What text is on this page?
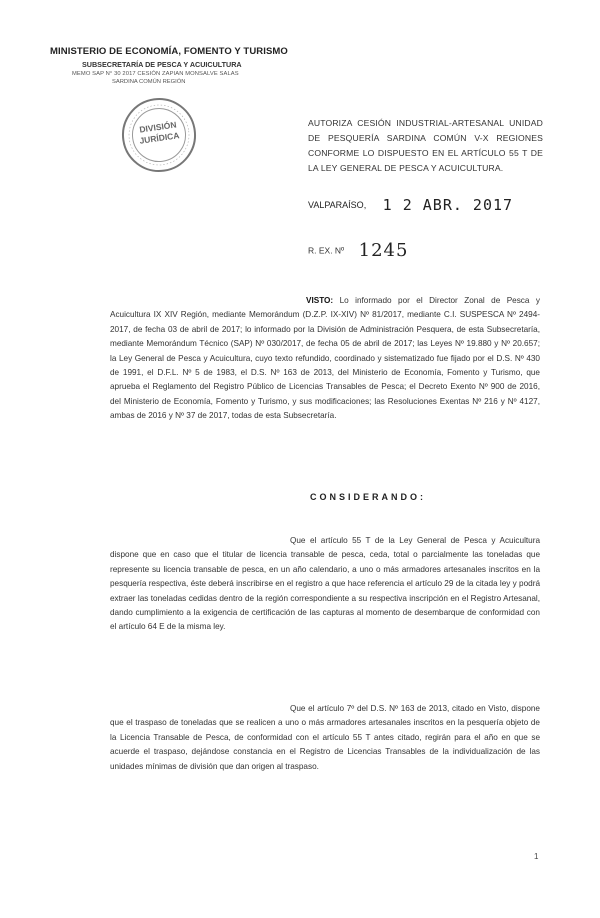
MINISTERIO DE ECONOMÍA, FOMENTO Y TURISMO
SUBSECRETARÍA DE PESCA Y ACUICULTURA
MEMO SAP N° 30 2017 CESIÓN ZAPIAN MONSALVE SALAS
SARDINA COMÚN REGIÓN
DIVISIÓN
JURÍDICA
AUTORIZA CESIÓN INDUSTRIAL-ARTESANAL UNIDAD DE PESQUERÍA SARDINA COMÚN V-X REGIONES CONFORME LO DISPUESTO EN EL ARTÍCULO 55 T DE LA LEY GENERAL DE PESCA Y ACUICULTURA.
VALPARAÍSO, 1 2 ABR. 2017
R. EX. Nº 1245
VISTO: Lo informado por el Director Zonal de Pesca y Acuicultura IX XIV Región, mediante Memorándum (D.Z.P. IX-XIV) Nº 81/2017, mediante C.I. SUSPESCA Nº 2494-2017, de fecha 03 de abril de 2017; lo informado por la División de Administración Pesquera, de esta Subsecretaría, mediante Memorándum Técnico (SAP) Nº 030/2017, de fecha 05 de abril de 2017; las Leyes Nº 19.880 y Nº 20.657; la Ley General de Pesca y Acuicultura, cuyo texto refundido, coordinado y sistematizado fue fijado por el D.S. Nº 430 de 1991, el D.F.L. Nº 5 de 1983, el D.S. Nº 163 de 2013, del Ministerio de Economía, Fomento y Turismo, que aprueba el Reglamento del Registro Público de Licencias Transables de Pesca; el Decreto Exento Nº 900 de 2016, del Ministerio de Economía, Fomento y Turismo, y sus modificaciones; las Resoluciones Exentas Nº 216 y Nº 4127, ambas de 2016 y Nº 37 de 2017, todas de esta Subsecretaría.
CONSIDERANDO:
Que el artículo 55 T de la Ley General de Pesca y Acuicultura dispone que en caso que el titular de licencia transable de pesca, ceda, total o parcialmente las toneladas que represente su licencia transable de pesca, en un año calendario, a uno o más armadores artesanales inscritos en la pesquería respectiva, éste deberá inscribirse en el registro a que hace referencia el artículo 29 de la citada ley y podrá extraer las toneladas cedidas dentro de la región correspondiente a su respectiva inscripción en el Registro Artesanal, dando cumplimiento a la exigencia de certificación de las capturas al momento de desembarque de conformidad con el artículo 64 E de la misma ley.
Que el artículo 7º del D.S. Nº 163 de 2013, citado en Visto, dispone que el traspaso de toneladas que se realicen a uno o más armadores artesanales inscritos en la pesquería objeto de la Licencia Transable de Pesca, de conformidad con el artículo 55 T antes citado, regirán para el año en que se acuerde el traspaso, dejándose constancia en el Registro de Licencias Transables de la individualización de las unidades mínimas de división que dan origen al traspaso.
1
